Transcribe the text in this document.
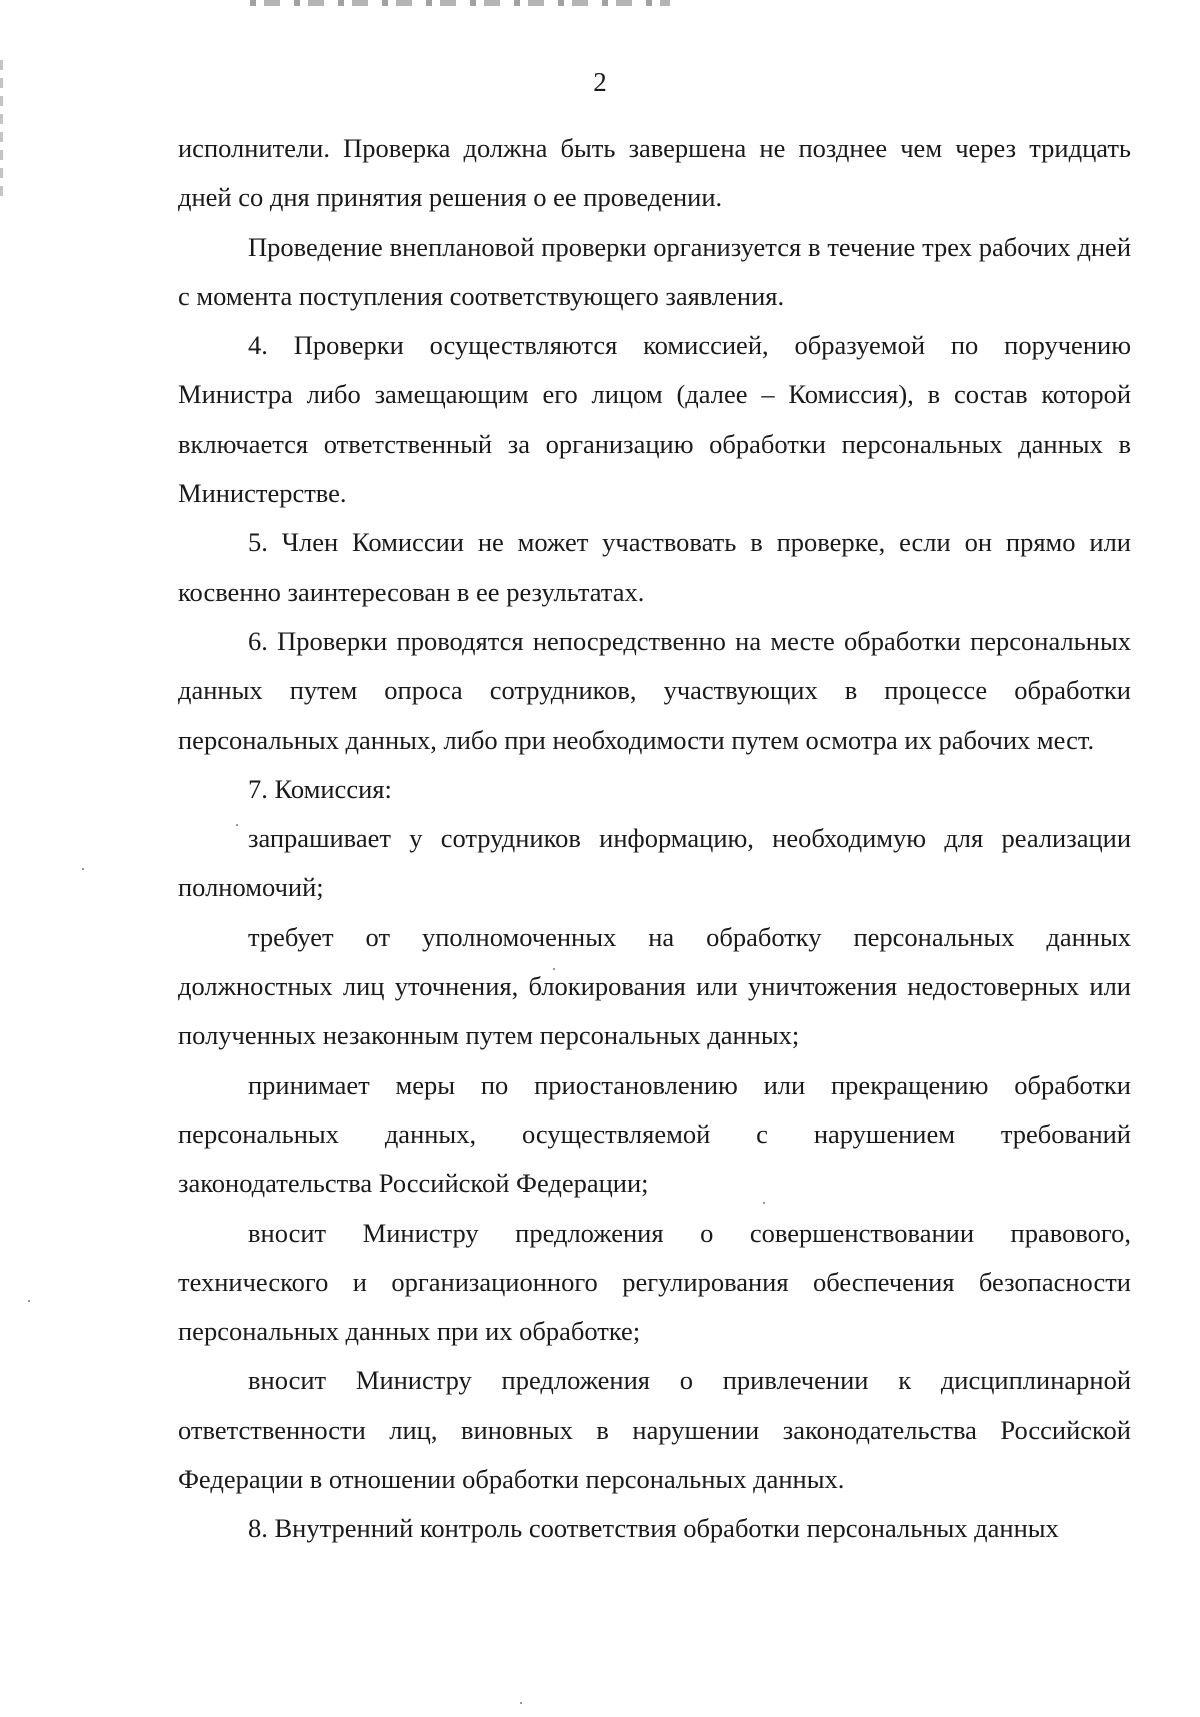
2

исполнители. Проверка должна быть завершена не позднее чем через тридцать дней со дня принятия решения о ее проведении.

Проведение внеплановой проверки организуется в течение трех рабочих дней с момента поступления соответствующего заявления.

4. Проверки осуществляются комиссией, образуемой по поручению Министра либо замещающим его лицом (далее – Комиссия), в состав которой включается ответственный за организацию обработки персональных данных в Министерстве.

5. Член Комиссии не может участвовать в проверке, если он прямо или косвенно заинтересован в ее результатах.

6. Проверки проводятся непосредственно на месте обработки персональных данных путем опроса сотрудников, участвующих в процессе обработки персональных данных, либо при необходимости путем осмотра их рабочих мест.

7. Комиссия:

запрашивает у сотрудников информацию, необходимую для реализации полномочий;

требует от уполномоченных на обработку персональных данных должностных лиц уточнения, блокирования или уничтожения недостоверных или полученных незаконным путем персональных данных;

принимает меры по приостановлению или прекращению обработки персональных данных, осуществляемой с нарушением требований законодательства Российской Федерации;

вносит Министру предложения о совершенствовании правового, технического и организационного регулирования обеспечения безопасности персональных данных при их обработке;

вносит Министру предложения о привлечении к дисциплинарной ответственности лиц, виновных в нарушении законодательства Российской Федерации в отношении обработки персональных данных.

8. Внутренний контроль соответствия обработки персональных данных
